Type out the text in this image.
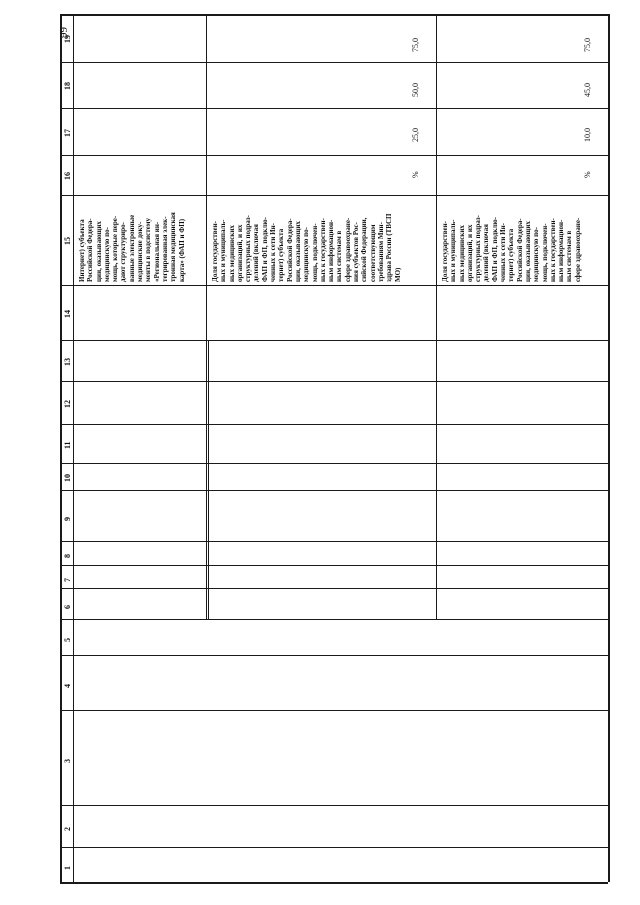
99
19
18
17
16
15
14
13
12
11
10
9
8
7
6
5
4
3
2
1
Интернет) субъекта
Российской Федера-
ции, оказывающих
медицинскую по-
мощь, которые пере-
дают структуриро-
ванные электронные
медицинские доку-
менты в подсистему
«Региональная ин-
тегрированная элек-
тронная медицинская
карта» (ФАП и ФП)
75,0
50,0
25,0
%
Доля государствен-
ных и муниципаль-
ных медицинских
организаций, и их
структурных подраз-
делений (включая
ФАП и ФП, подклю-
ченных к сети Ин-
тернет) субъекта
Российской Федера-
ции, оказывающих
медицинскую по-
мощь, подключен-
ных к государствен-
ным информацион-
ным системам в
сфере здравоохране-
ния субъектов Рос-
сийской Федерации,
соответствующим
требованиям Мин-
здрава России (ТВСП
МО)
75,0
45,0
10,0
%
Доля государствен-
ных и муниципаль-
ных медицинских
организаций, и их
структурных подраз-
делений (включая
ФАП и ФП, подклю-
ченных к сети Ин-
тернет) субъекта
Российской Федера-
ции, оказывающих
медицинскую по-
мощь, подключен-
ных к государствен-
ным информацион-
ным системам в
сфере здравоохране-
